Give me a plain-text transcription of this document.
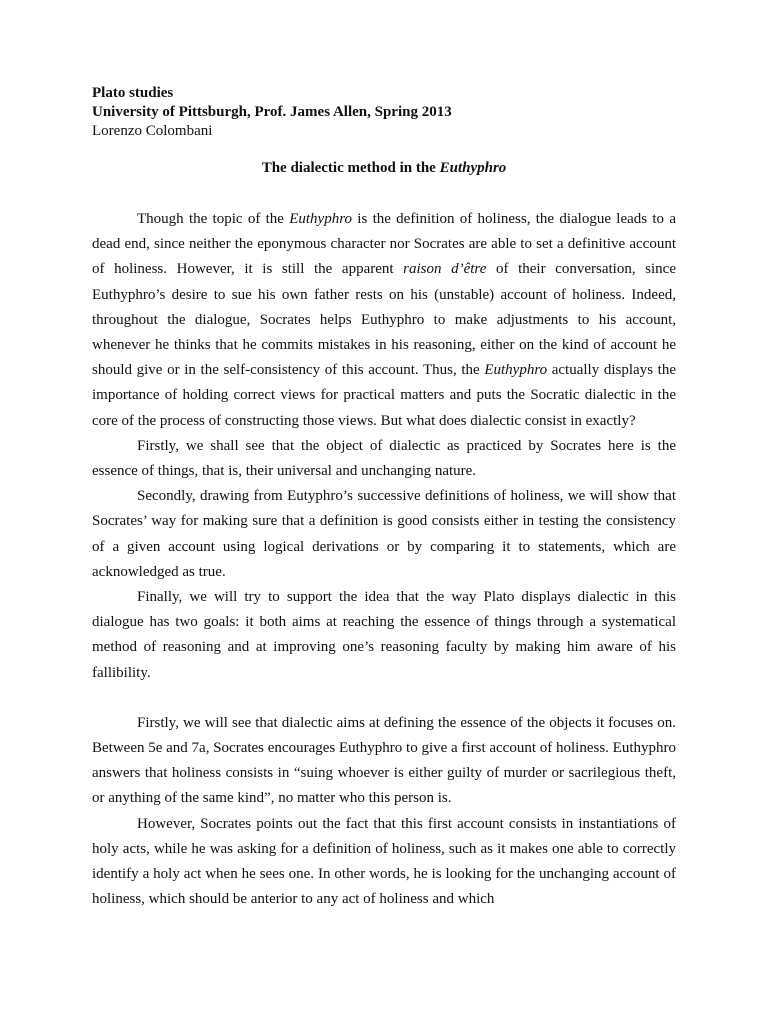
Plato studies

University of Pittsburgh, Prof. James Allen, Spring 2013

Lorenzo Colombani

The dialectic method in the Euthyphro

Though the topic of the Euthyphro is the definition of holiness, the dialogue leads to a dead end, since neither the eponymous character nor Socrates are able to set a definitive account of holiness. However, it is still the apparent raison d’être of their conversation, since Euthyphro’s desire to sue his own father rests on his (unstable) account of holiness. Indeed, throughout the dialogue, Socrates helps Euthyphro to make adjustments to his account, whenever he thinks that he commits mistakes in his reasoning, either on the kind of account he should give or in the self-consistency of this account. Thus, the Euthyphro actually displays the importance of holding correct views for practical matters and puts the Socratic dialectic in the core of the process of constructing those views. But what does dialectic consist in exactly?

Firstly, we shall see that the object of dialectic as practiced by Socrates here is the essence of things, that is, their universal and unchanging nature.

Secondly, drawing from Eutyphro’s successive definitions of holiness, we will show that Socrates’ way for making sure that a definition is good consists either in testing the consistency of a given account using logical derivations or by comparing it to statements, which are acknowledged as true.

Finally, we will try to support the idea that the way Plato displays dialectic in this dialogue has two goals: it both aims at reaching the essence of things through a systematical method of reasoning and at improving one’s reasoning faculty by making him aware of his fallibility.

Firstly, we will see that dialectic aims at defining the essence of the objects it focuses on. Between 5e and 7a, Socrates encourages Euthyphro to give a first account of holiness. Euthyphro answers that holiness consists in “suing whoever is either guilty of murder or sacrilegious theft, or anything of the same kind”, no matter who this person is.

However, Socrates points out the fact that this first account consists in instantiations of holy acts, while he was asking for a definition of holiness, such as it makes one able to correctly identify a holy act when he sees one. In other words, he is looking for the unchanging account of holiness, which should be anterior to any act of holiness and which
